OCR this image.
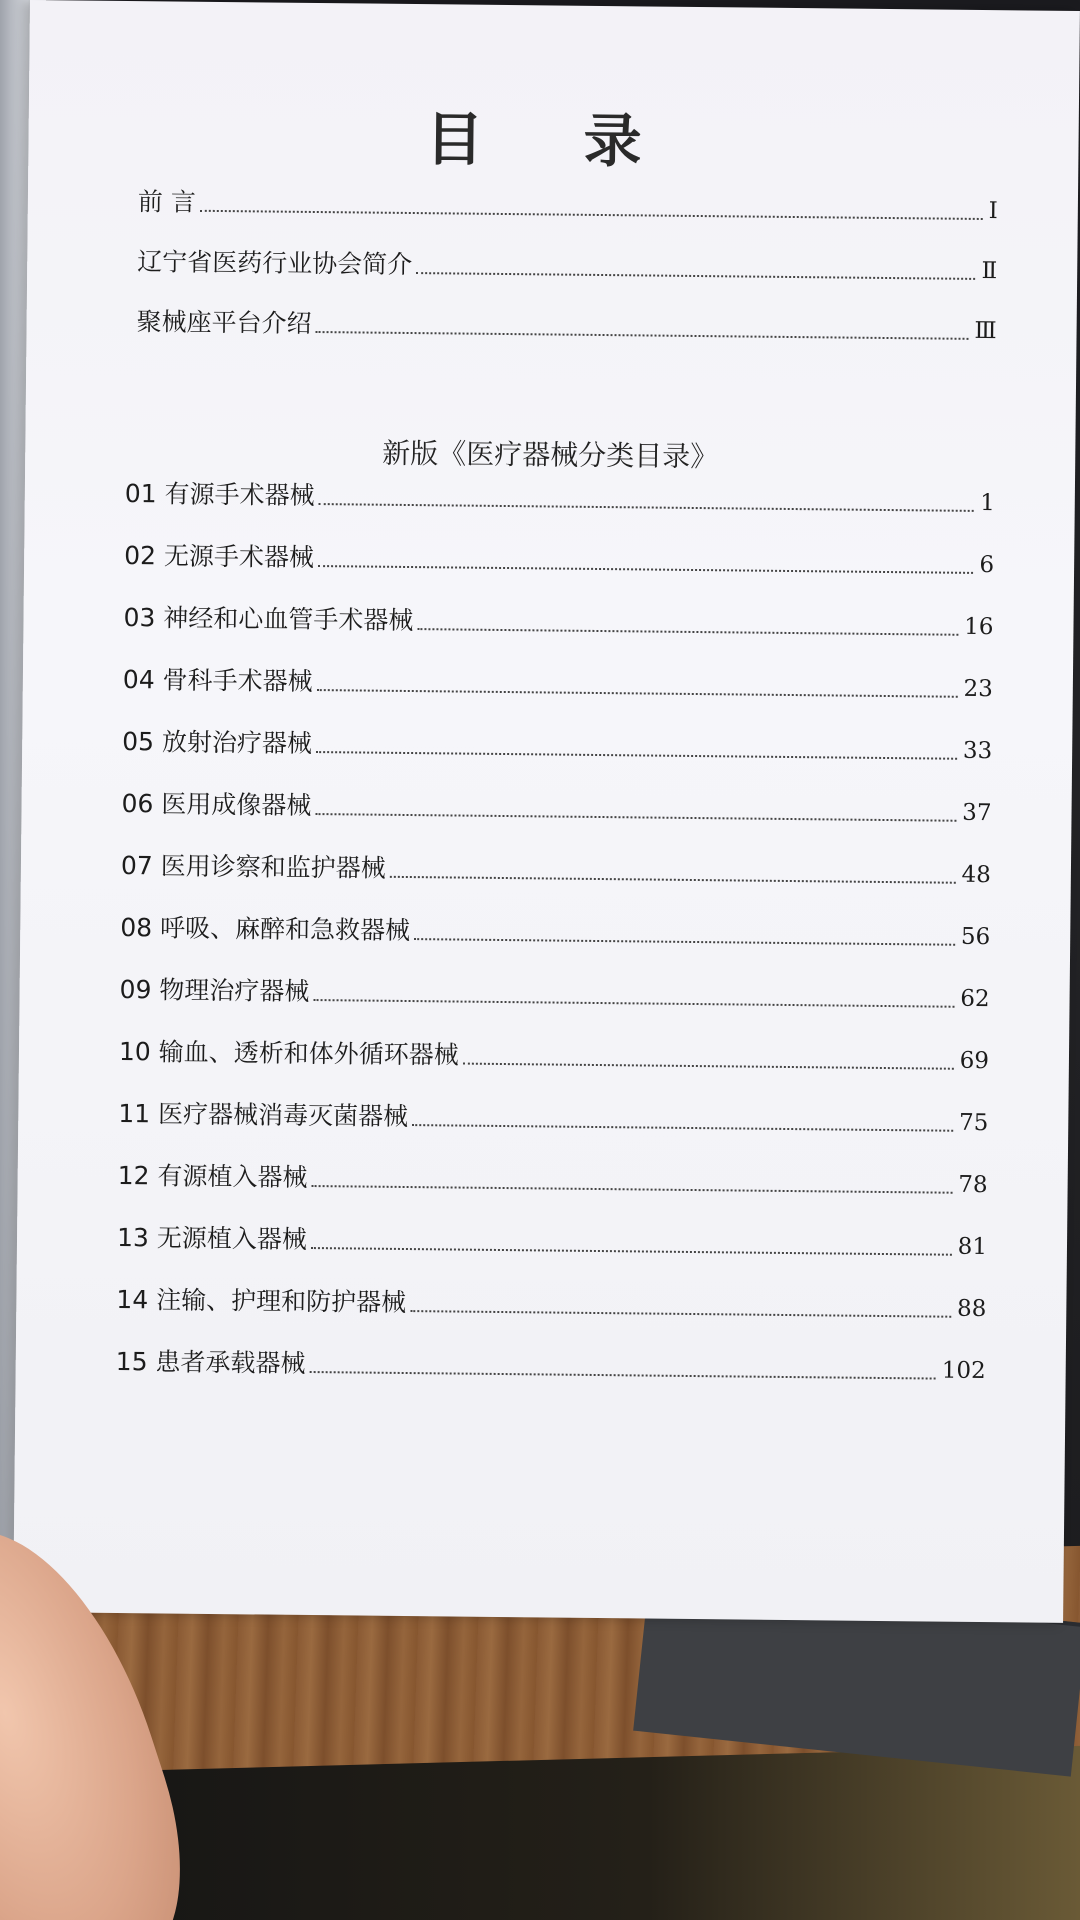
目 录
前 言	Ⅰ
辽宁省医药行业协会简介	Ⅱ
聚械座平台介绍	Ⅲ
新版《医疗器械分类目录》
01 有源手术器械	1
02 无源手术器械	6
03 神经和心血管手术器械	16
04 骨科手术器械	23
05 放射治疗器械	33
06 医用成像器械	37
07 医用诊察和监护器械	48
08 呼吸、麻醉和急救器械	56
09 物理治疗器械	62
10 输血、透析和体外循环器械	69
11 医疗器械消毒灭菌器械	75
12 有源植入器械	78
13 无源植入器械	81
14 注输、护理和防护器械	88
15 患者承载器械	102
